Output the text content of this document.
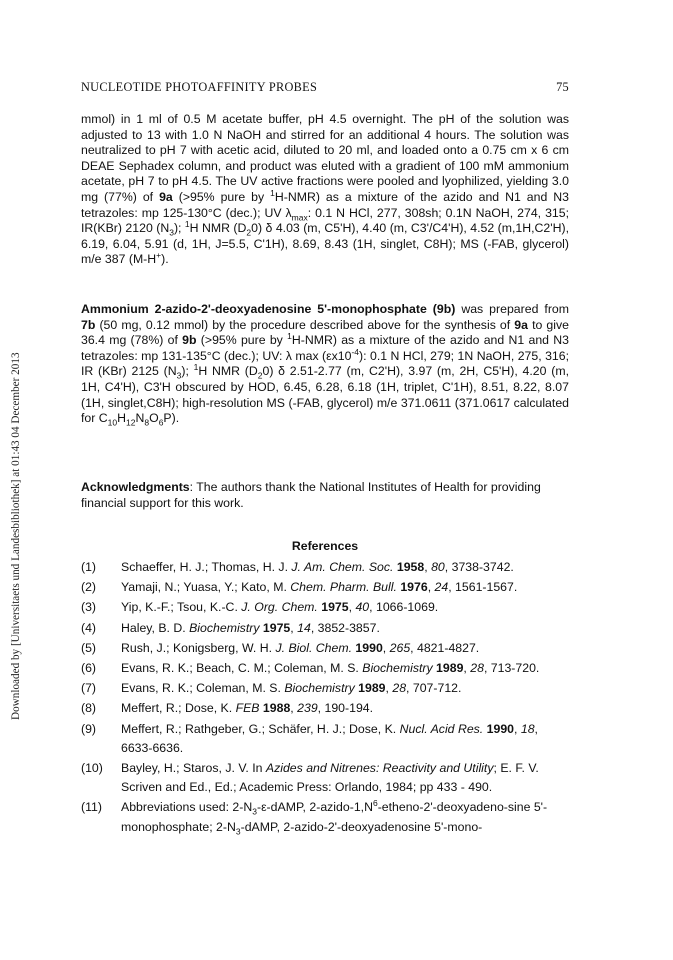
Downloaded by [Universitaets und Landesbibliothek] at 01:43 04 December 2013
NUCLEOTIDE PHOTOAFFINITY PROBES	75
mmol) in 1 ml of 0.5 M acetate buffer, pH 4.5 overnight. The pH of the solution was adjusted to 13 with 1.0 N NaOH and stirred for an additional 4 hours. The solution was neutralized to pH 7 with acetic acid, diluted to 20 ml, and loaded onto a 0.75 cm x 6 cm DEAE Sephadex column, and product was eluted with a gradient of 100 mM ammonium acetate, pH 7 to pH 4.5. The UV active fractions were pooled and lyophilized, yielding 3.0 mg (77%) of 9a (>95% pure by $^1$H-NMR) as a mixture of the azido and N1 and N3 tetrazoles: mp 125-130°C (dec.); UV $\lambda_{max}$: 0.1 N HCl, 277, 308sh; 0.1N NaOH, 274, 315; IR(KBr) 2120 $(N_3)$; $^1$H NMR $(D_20)$ δ 4.03 (m, C5'H), 4.40 (m, C3'/C4'H), 4.52 (m,1H,C2'H), 6.19, 6.04, 5.91 (d, 1H, J=5.5, C'1H), 8.69, 8.43 (1H, singlet, C8H); MS (-FAB, glycerol) m/e 387 (M-H+).
Ammonium 2-azido-2'-deoxyadenosine 5'-monophosphate (9b) was prepared from 7b (50 mg, 0.12 mmol) by the procedure described above for the synthesis of 9a to give 36.4 mg (78%) of 9b (>95% pure by $^1$H-NMR) as a mixture of the azido and N1 and N3 tetrazoles: mp 131-135°C (dec.); UV: λ $\max (\varepsilon x10^{-4})$: 0.1 N HCl, 279; 1N NaOH, 275, 316; IR (KBr) 2125 $(N_3)$; $^1$H NMR $(D_20)$ δ 2.51-2.77 (m, C2'H), 3.97 (m, 2H, C5'H), 4.20 (m, 1H, C4'H), C3'H obscured by HOD, 6.45, 6.28, 6.18 (1H, triplet, C'1H), 8.51, 8.22, 8.07 (1H, singlet,C8H); high-resolution MS (-FAB, glycerol) m/e 371.0611 (371.0617 calculated for $C_{10}H_{12}N_8O_6P$).
Acknowledgments: The authors thank the National Institutes of Health for providing financial support for this work.
References
(1)	Schaeffer, H. J.; Thomas, H. J. J. Am. Chem. Soc. 1958, 80, 3738-3742.
(2)	Yamaji, N.; Yuasa, Y.; Kato, M. Chem. Pharm. Bull. 1976, 24, 1561-1567.
(3)	Yip, K.-F.; Tsou, K.-C. J. Org. Chem. 1975, 40, 1066-1069.
(4)	Haley, B. D. Biochemistry 1975, 14, 3852-3857.
(5)	Rush, J.; Konigsberg, W. H. J. Biol. Chem. 1990, 265, 4821-4827.
(6)	Evans, R. K.; Beach, C. M.; Coleman, M. S. Biochemistry 1989, 28, 713-720.
(7)	Evans, R. K.; Coleman, M. S. Biochemistry 1989, 28, 707-712.
(8)	Meffert, R.; Dose, K. FEB 1988, 239, 190-194.
(9)	Meffert, R.; Rathgeber, G.; Schäfer, H. J.; Dose, K. Nucl. Acid Res. 1990, 18, 6633-6636.
(10)	Bayley, H.; Staros, J. V. In Azides and Nitrenes: Reactivity and Utility; E. F. V. Scriven and Ed., Ed.; Academic Press: Orlando, 1984; pp 433 - 490.
(11)	Abbreviations used: $2-N_3-\varepsilon$-dAMP, $2-azido-1,N^6-etheno-2'-deoxyadeno$-sine 5'-monophosphate; $2-N_3$-dAMP, 2-azido-2'-deoxyadenosine 5'-mono-
